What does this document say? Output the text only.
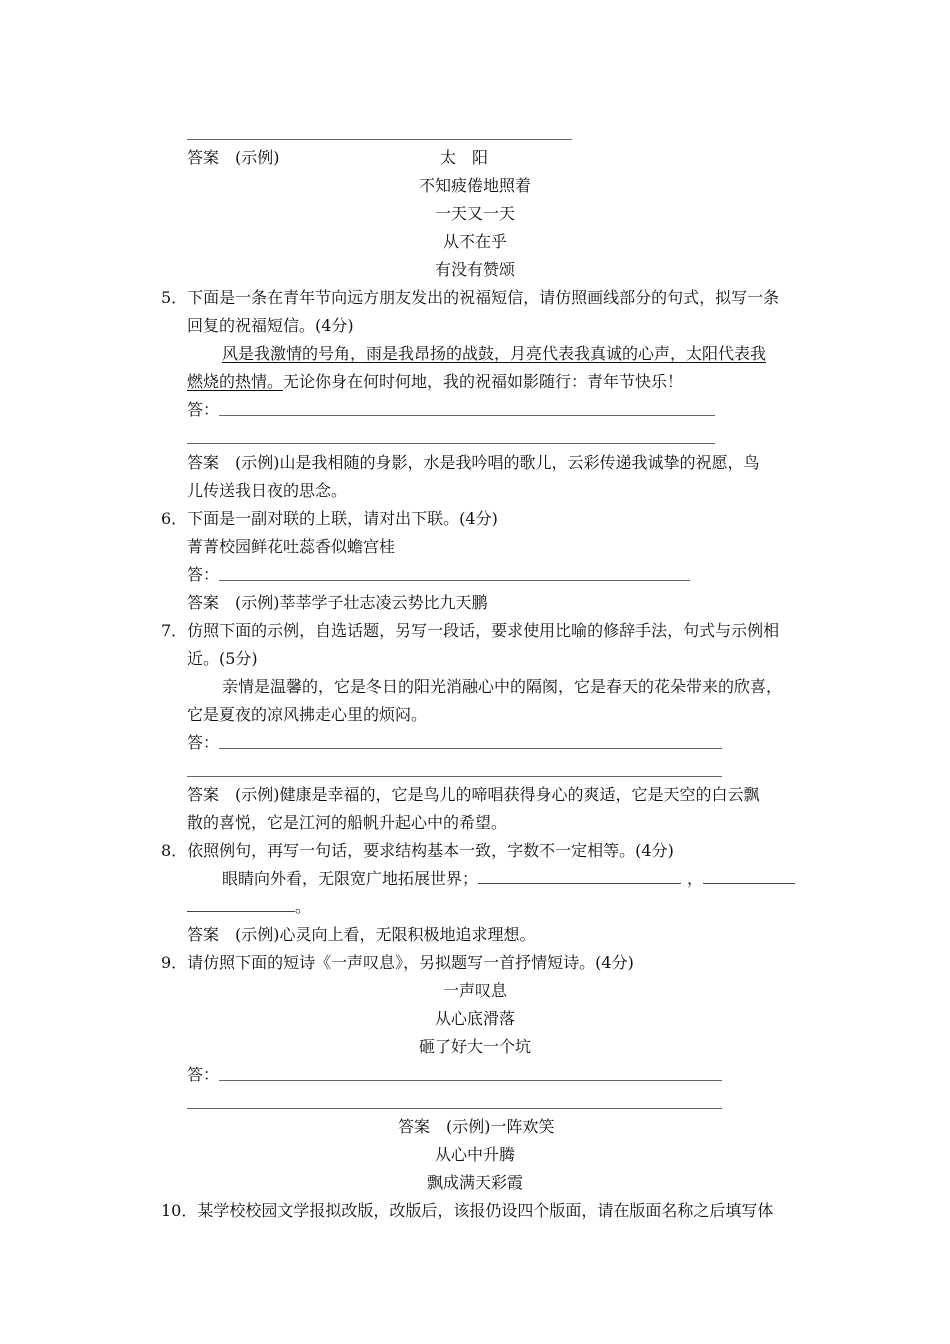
答案　(示例)	太　阳
不知疲倦地照着
一天又一天
从不在乎
有没有赞颂
5．下面是一条在青年节向远方朋友发出的祝福短信，请仿照画线部分的句式，拟写一条
回复的祝福短信。(4分)
风是我激情的号角，雨是我昂扬的战鼓，月亮代表我真诚的心声，太阳代表我
燃烧的热情。无论你身在何时何地，我的祝福如影随行：青年节快乐！
答：
答案　(示例)山是我相随的身影，水是我吟唱的歌儿，云彩传递我诚挚的祝愿，鸟
儿传送我日夜的思念。
6．下面是一副对联的上联，请对出下联。(4分)
菁菁校园鲜花吐蕊香似蟾宫桂
答：
答案　(示例)莘莘学子壮志凌云势比九天鹏
7．仿照下面的示例，自选话题，另写一段话，要求使用比喻的修辞手法，句式与示例相
近。(5分)
亲情是温馨的，它是冬日的阳光消融心中的隔阂，它是春天的花朵带来的欣喜，
它是夏夜的凉风拂走心里的烦闷。
答：
答案　(示例)健康是幸福的，它是鸟儿的啼唱获得身心的爽适，它是天空的白云飘
散的喜悦，它是江河的船帆升起心中的希望。
8．依照例句，再写一句话，要求结构基本一致，字数不一定相等。(4分)
眼睛向外看，无限宽广地拓展世界；	，
。
答案　(示例)心灵向上看，无限积极地追求理想。
9．请仿照下面的短诗《一声叹息》，另拟题写一首抒情短诗。(4分)
一声叹息
从心底滑落
砸了好大一个坑
答：
答案　(示例)一阵欢笑
从心中升腾
飘成满天彩霞
10．某学校校园文学报拟改版，改版后，该报仍设四个版面，请在版面名称之后填写体
